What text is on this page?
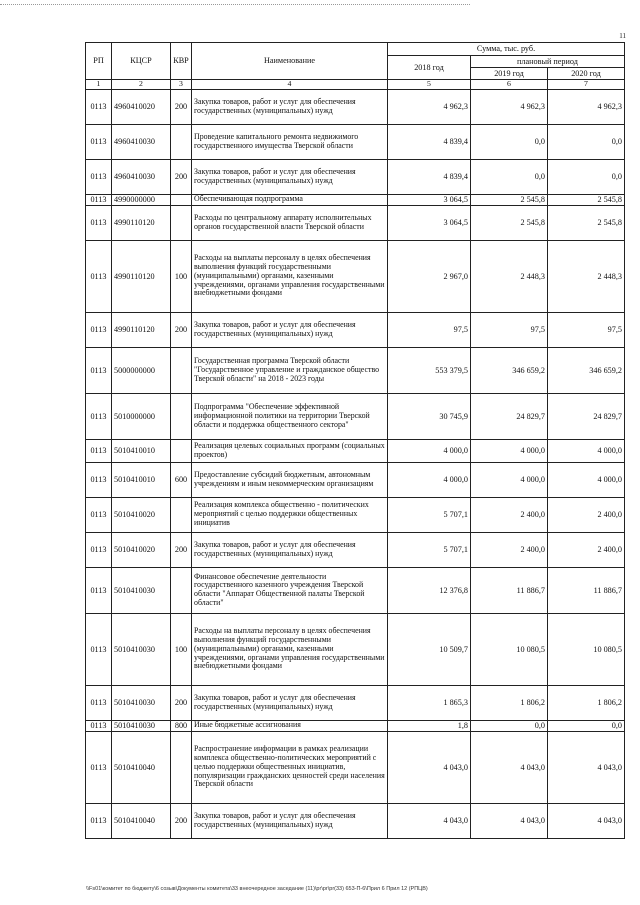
11
РП	КЦСР	КВР	Наименование	Сумма, тыс. руб.		
				2018 год	плановый период	
					2019 год	2020 год
1	2	3	4	5	6	7
0113	4960410020	200	Закупка товаров, работ и услуг для обеспечения государственных (муниципальных) нужд	4 962,3	4 962,3	4 962,3
0113	4960410030		Проведение капитального ремонта недвижимого государственного имущества Тверской области	4 839,4	0,0	0,0
0113	4960410030	200	Закупка товаров, работ и услуг для обеспечения государственных (муниципальных) нужд	4 839,4	0,0	0,0
0113	4990000000		Обеспечивающая подпрограмма	3 064,5	2 545,8	2 545,8
0113	4990110120		Расходы по центральному аппарату исполнительных органов государственной власти Тверской области	3 064,5	2 545,8	2 545,8
0113	4990110120	100	Расходы на выплаты персоналу в целях обеспечения выполнения функций государственными (муниципальными) органами, казенными учреждениями, органами управления государственными внебюджетными фондами	2 967,0	2 448,3	2 448,3
0113	4990110120	200	Закупка товаров, работ и услуг для обеспечения государственных (муниципальных) нужд	97,5	97,5	97,5
0113	5000000000		Государственная программа Тверской области "Государственное управление и гражданское общество Тверской области" на 2018 - 2023 годы	553 379,5	346 659,2	346 659,2
0113	5010000000		Подпрограмма "Обеспечение эффективной информационной политики на территории Тверской области и поддержка общественного сектора"	30 745,9	24 829,7	24 829,7
0113	5010410010		Реализация целевых социальных программ (социальных проектов)	4 000,0	4 000,0	4 000,0
0113	5010410010	600	Предоставление субсидий бюджетным, автономным учреждениям и иным некоммерческим организациям	4 000,0	4 000,0	4 000,0
0113	5010410020		Реализация комплекса общественно - политических мероприятий с целью поддержки общественных инициатив	5 707,1	2 400,0	2 400,0
0113	5010410020	200	Закупка товаров, работ и услуг для обеспечения государственных (муниципальных) нужд	5 707,1	2 400,0	2 400,0
0113	5010410030		Финансовое обеспечение деятельности государственного казенного учреждения Тверской области "Аппарат Общественной палаты Тверской области"	12 376,8	11 886,7	11 886,7
0113	5010410030	100	Расходы на выплаты персоналу в целях обеспечения выполнения функций государственными (муниципальными) органами, казенными учреждениями, органами управления государственными внебюджетными фондами	10 509,7	10 080,5	10 080,5
0113	5010410030	200	Закупка товаров, работ и услуг для обеспечения государственных (муниципальных) нужд	1 865,3	1 806,2	1 806,2
0113	5010410030	800	Иные бюджетные ассигнования	1,8	0,0	0,0
0113	5010410040		Распространение информации в рамках реализации комплекса общественно-политических мероприятий с целью поддержки общественных инициатив, популяризации гражданских ценностей среди населения Тверской области	4 043,0	4 043,0	4 043,0
0113	5010410040	200	Закупка товаров, работ и услуг для обеспечения государственных (муниципальных) нужд	4 043,0	4 043,0	4 043,0
\\Fs01\комитет по бюджету\6 созыв\Документы комитета\33 внеочередное заседание (11)\pr\pr\pr(33) 653-П-6\Прил 6 Прил 12 (РПЦВ)
